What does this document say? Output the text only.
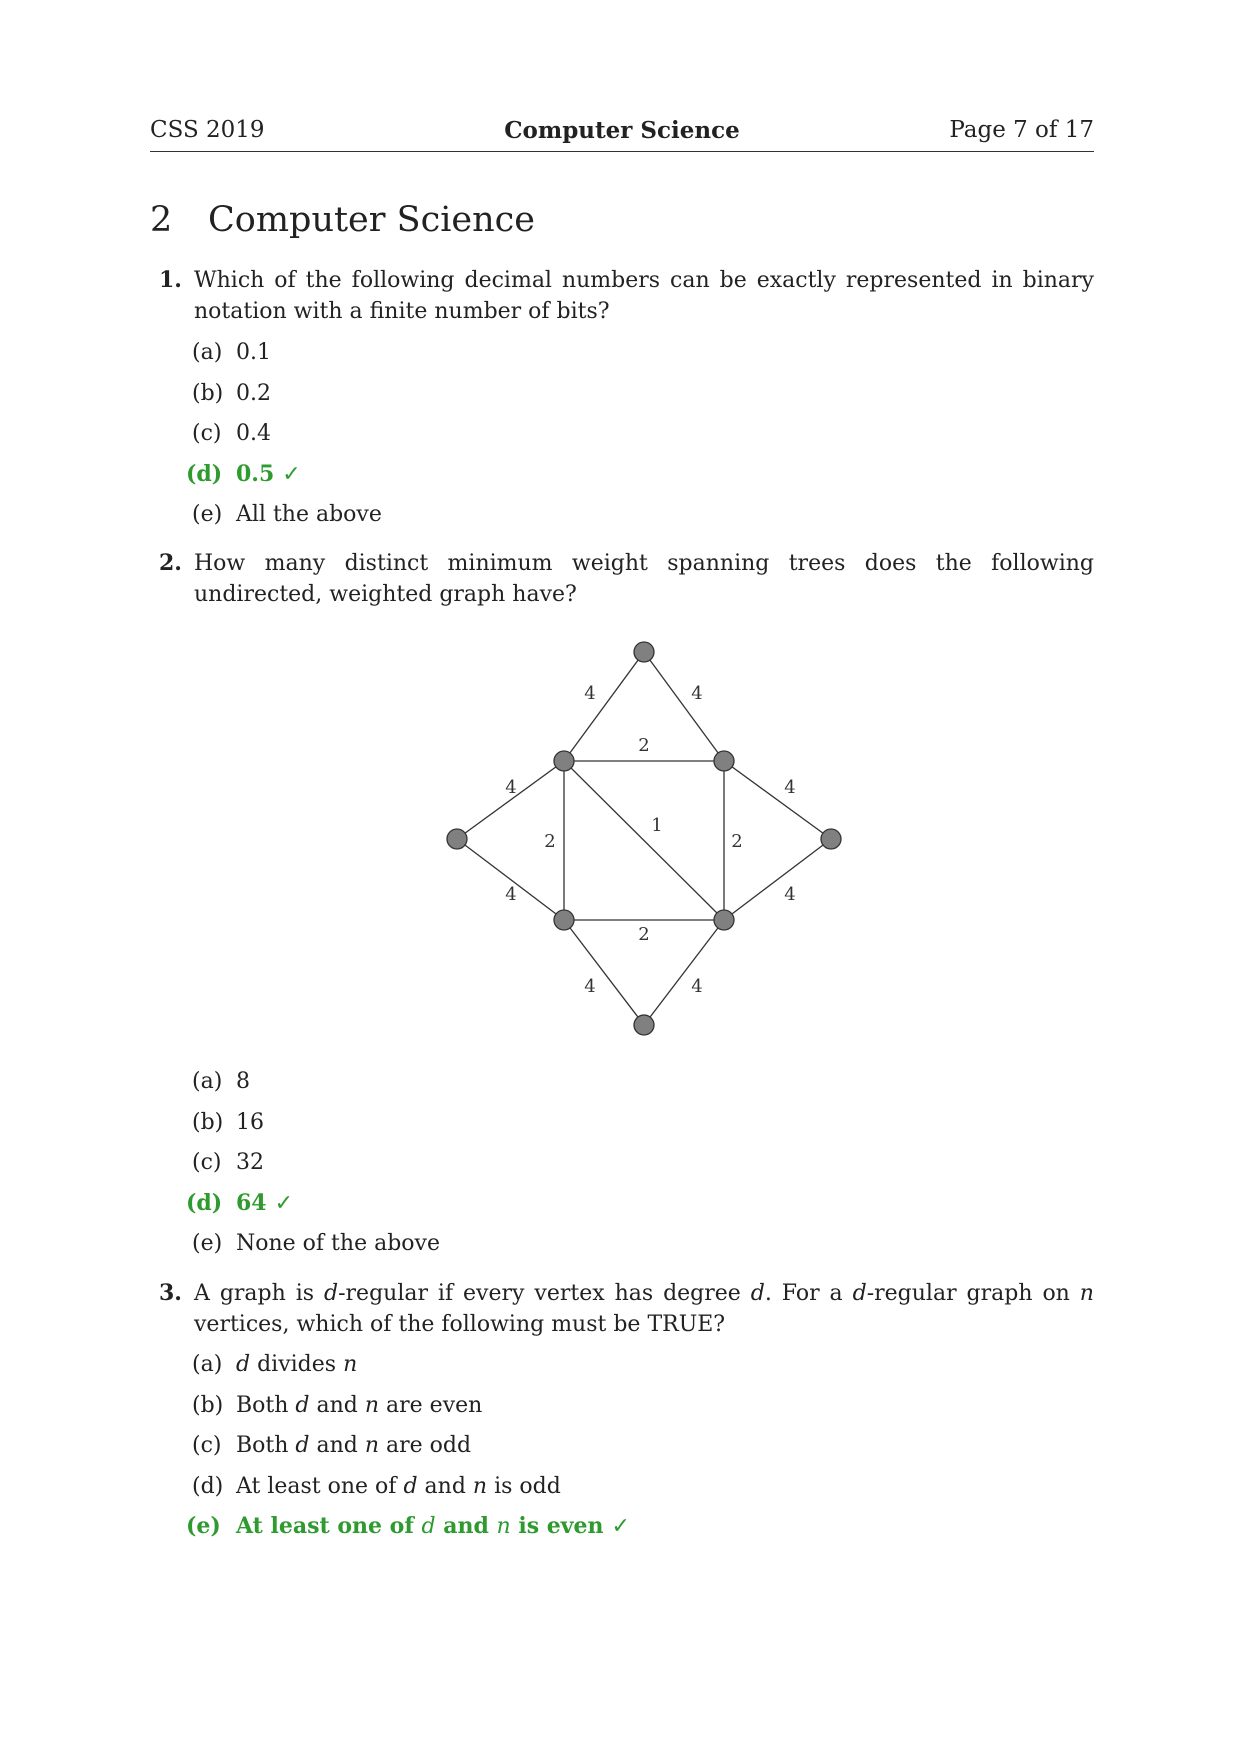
CSS 2019	Computer Science	Page 7 of 17
2 Computer Science
1. Which of the following decimal numbers can be exactly represented in binary notation with a finite number of bits?
(a) 0.1
(b) 0.2
(c) 0.4
(d) 0.5 ✓
(e) All the above
2. How many distinct minimum weight spanning trees does the following undirected, weighted graph have?
4	4
2
4	4
2
1
2
4	4
2
4	4
(a) 8
(b) 16
(c) 32
(d) 64 ✓
(e) None of the above
3. A graph is d-regular if every vertex has degree d. For a d-regular graph on n vertices, which of the following must be TRUE?
(a) d divides n
(b) Both d and n are even
(c) Both d and n are odd
(d) At least one of d and n is odd
(e) At least one of d and n is even ✓
